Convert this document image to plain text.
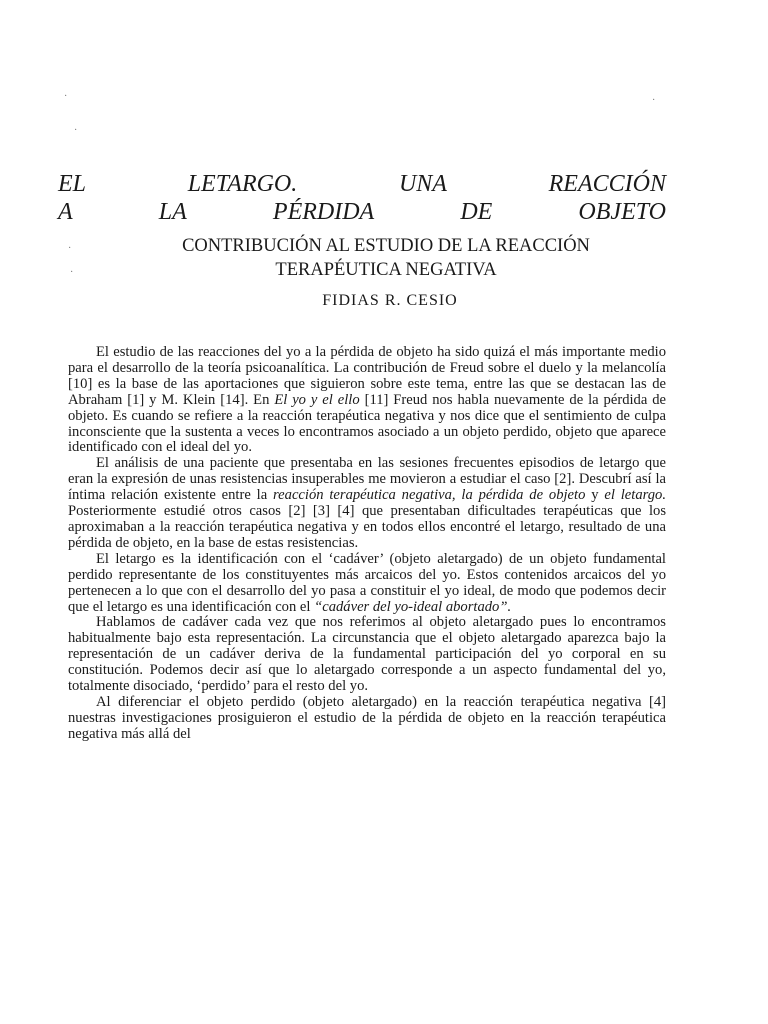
EL	LETARGO.	UNA	REACCIÓN
A	LA	PÉRDIDA	DE	OBJETO
CONTRIBUCIÓN AL ESTUDIO DE LA REACCIÓN
TERAPÉUTICA NEGATIVA
FIDIAS R. CESIO

El estudio de las reacciones del yo a la pérdida de objeto ha sido quizá el más importante medio para el desarrollo de la teoría psicoanalítica. La contribución de Freud sobre el duelo y la melancolía [10] es la base de las aportaciones que siguieron sobre este tema, entre las que se destacan las de Abraham [1] y M. Klein [14]. En El yo y el ello [11] Freud nos habla nuevamente de la pérdida de objeto. Es cuando se refiere a la reacción terapéutica negativa y nos dice que el sentimiento de culpa inconsciente que la sustenta a veces lo encontramos asociado a un objeto perdido, objeto que aparece identificado con el ideal del yo.

El análisis de una paciente que presentaba en las sesiones frecuentes episodios de letargo que eran la expresión de unas resistencias insuperables me movieron a estudiar el caso [2]. Descubrí así la íntima relación existente entre la reacción terapéutica negativa, la pérdida de objeto y el letargo. Posteriormente estudié otros casos [2] [3] [4] que presentaban dificultades terapéuticas que los aproximaban a la reacción terapéutica negativa y en todos ellos encontré el letargo, resultado de una pérdida de objeto, en la base de estas resistencias.

El letargo es la identificación con el ‘cadáver’ (objeto aletargado) de un objeto fundamental perdido representante de los constituyentes más arcaicos del yo. Estos contenidos arcaicos del yo pertenecen a lo que con el desarrollo del yo pasa a constituir el yo ideal, de modo que podemos decir que el letargo es una identificación con el “cadáver del yo-ideal abortado”.

Hablamos de cadáver cada vez que nos referimos al objeto aletargado pues lo encontramos habitualmente bajo esta representación. La circunstancia que el objeto aletargado aparezca bajo la representación de un cadáver deriva de la fundamental participación del yo corporal en su constitución. Podemos decir así que lo aletargado corresponde a un aspecto fundamental del yo, totalmente disociado, ‘perdido’ para el resto del yo.

Al diferenciar el objeto perdido (objeto aletargado) en la reacción terapéutica negativa [4] nuestras investigaciones prosiguieron el estudio de la pérdida de objeto en la reacción terapéutica negativa más allá del

·
·
·
·
·
